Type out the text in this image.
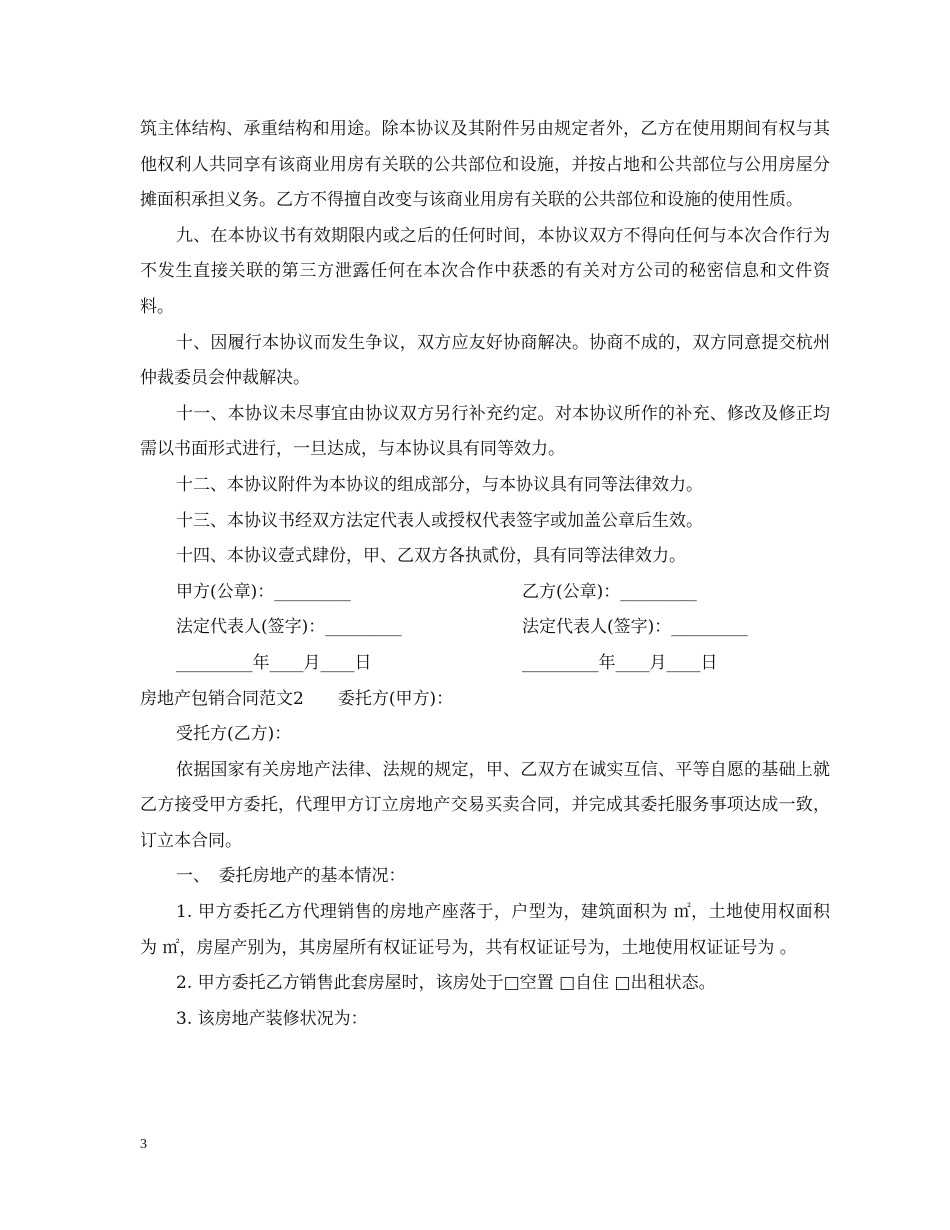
筑主体结构、承重结构和用途。除本协议及其附件另由规定者外，乙方在使用期间有权与其他权利人共同享有该商业用房有关联的公共部位和设施，并按占地和公共部位与公用房屋分摊面积承担义务。乙方不得擅自改变与该商业用房有关联的公共部位和设施的使用性质。

九、在本协议书有效期限内或之后的任何时间，本协议双方不得向任何与本次合作行为不发生直接关联的第三方泄露任何在本次合作中获悉的有关对方公司的秘密信息和文件资料。

十、因履行本协议而发生争议，双方应友好协商解决。协商不成的，双方同意提交杭州仲裁委员会仲裁解决。

十一、本协议未尽事宜由协议双方另行补充约定。对本协议所作的补充、修改及修正均需以书面形式进行，一旦达成，与本协议具有同等效力。

十二、本协议附件为本协议的组成部分，与本协议具有同等法律效力。

十三、本协议书经双方法定代表人或授权代表签字或加盖公章后生效。

十四、本协议壹式肆份，甲、乙双方各执贰份，具有同等法律效力。

甲方(公章)：_________	乙方(公章)：_________
法定代表人(签字)：_________	法定代表人(签字)：_________
_________年____月____日	_________年____月____日
房地产包销合同范文2　　委托方(甲方)：

受托方(乙方)：

依据国家有关房地产法律、法规的规定，甲、乙双方在诚实互信、平等自愿的基础上就乙方接受甲方委托，代理甲方订立房地产交易买卖合同，并完成其委托服务事项达成一致，订立本合同。

一、　委托房地产的基本情况：

1. 甲方委托乙方代理销售的房地产座落于，户型为，建筑面积为 ㎡，土地使用权面积为 ㎡，房屋产别为，其房屋所有权证证号为，共有权证证号为，土地使用权证证号为 。

2. 甲方委托乙方销售此套房屋时，该房处于□空置 □自住 □出租状态。

3. 该房地产装修状况为：

3
